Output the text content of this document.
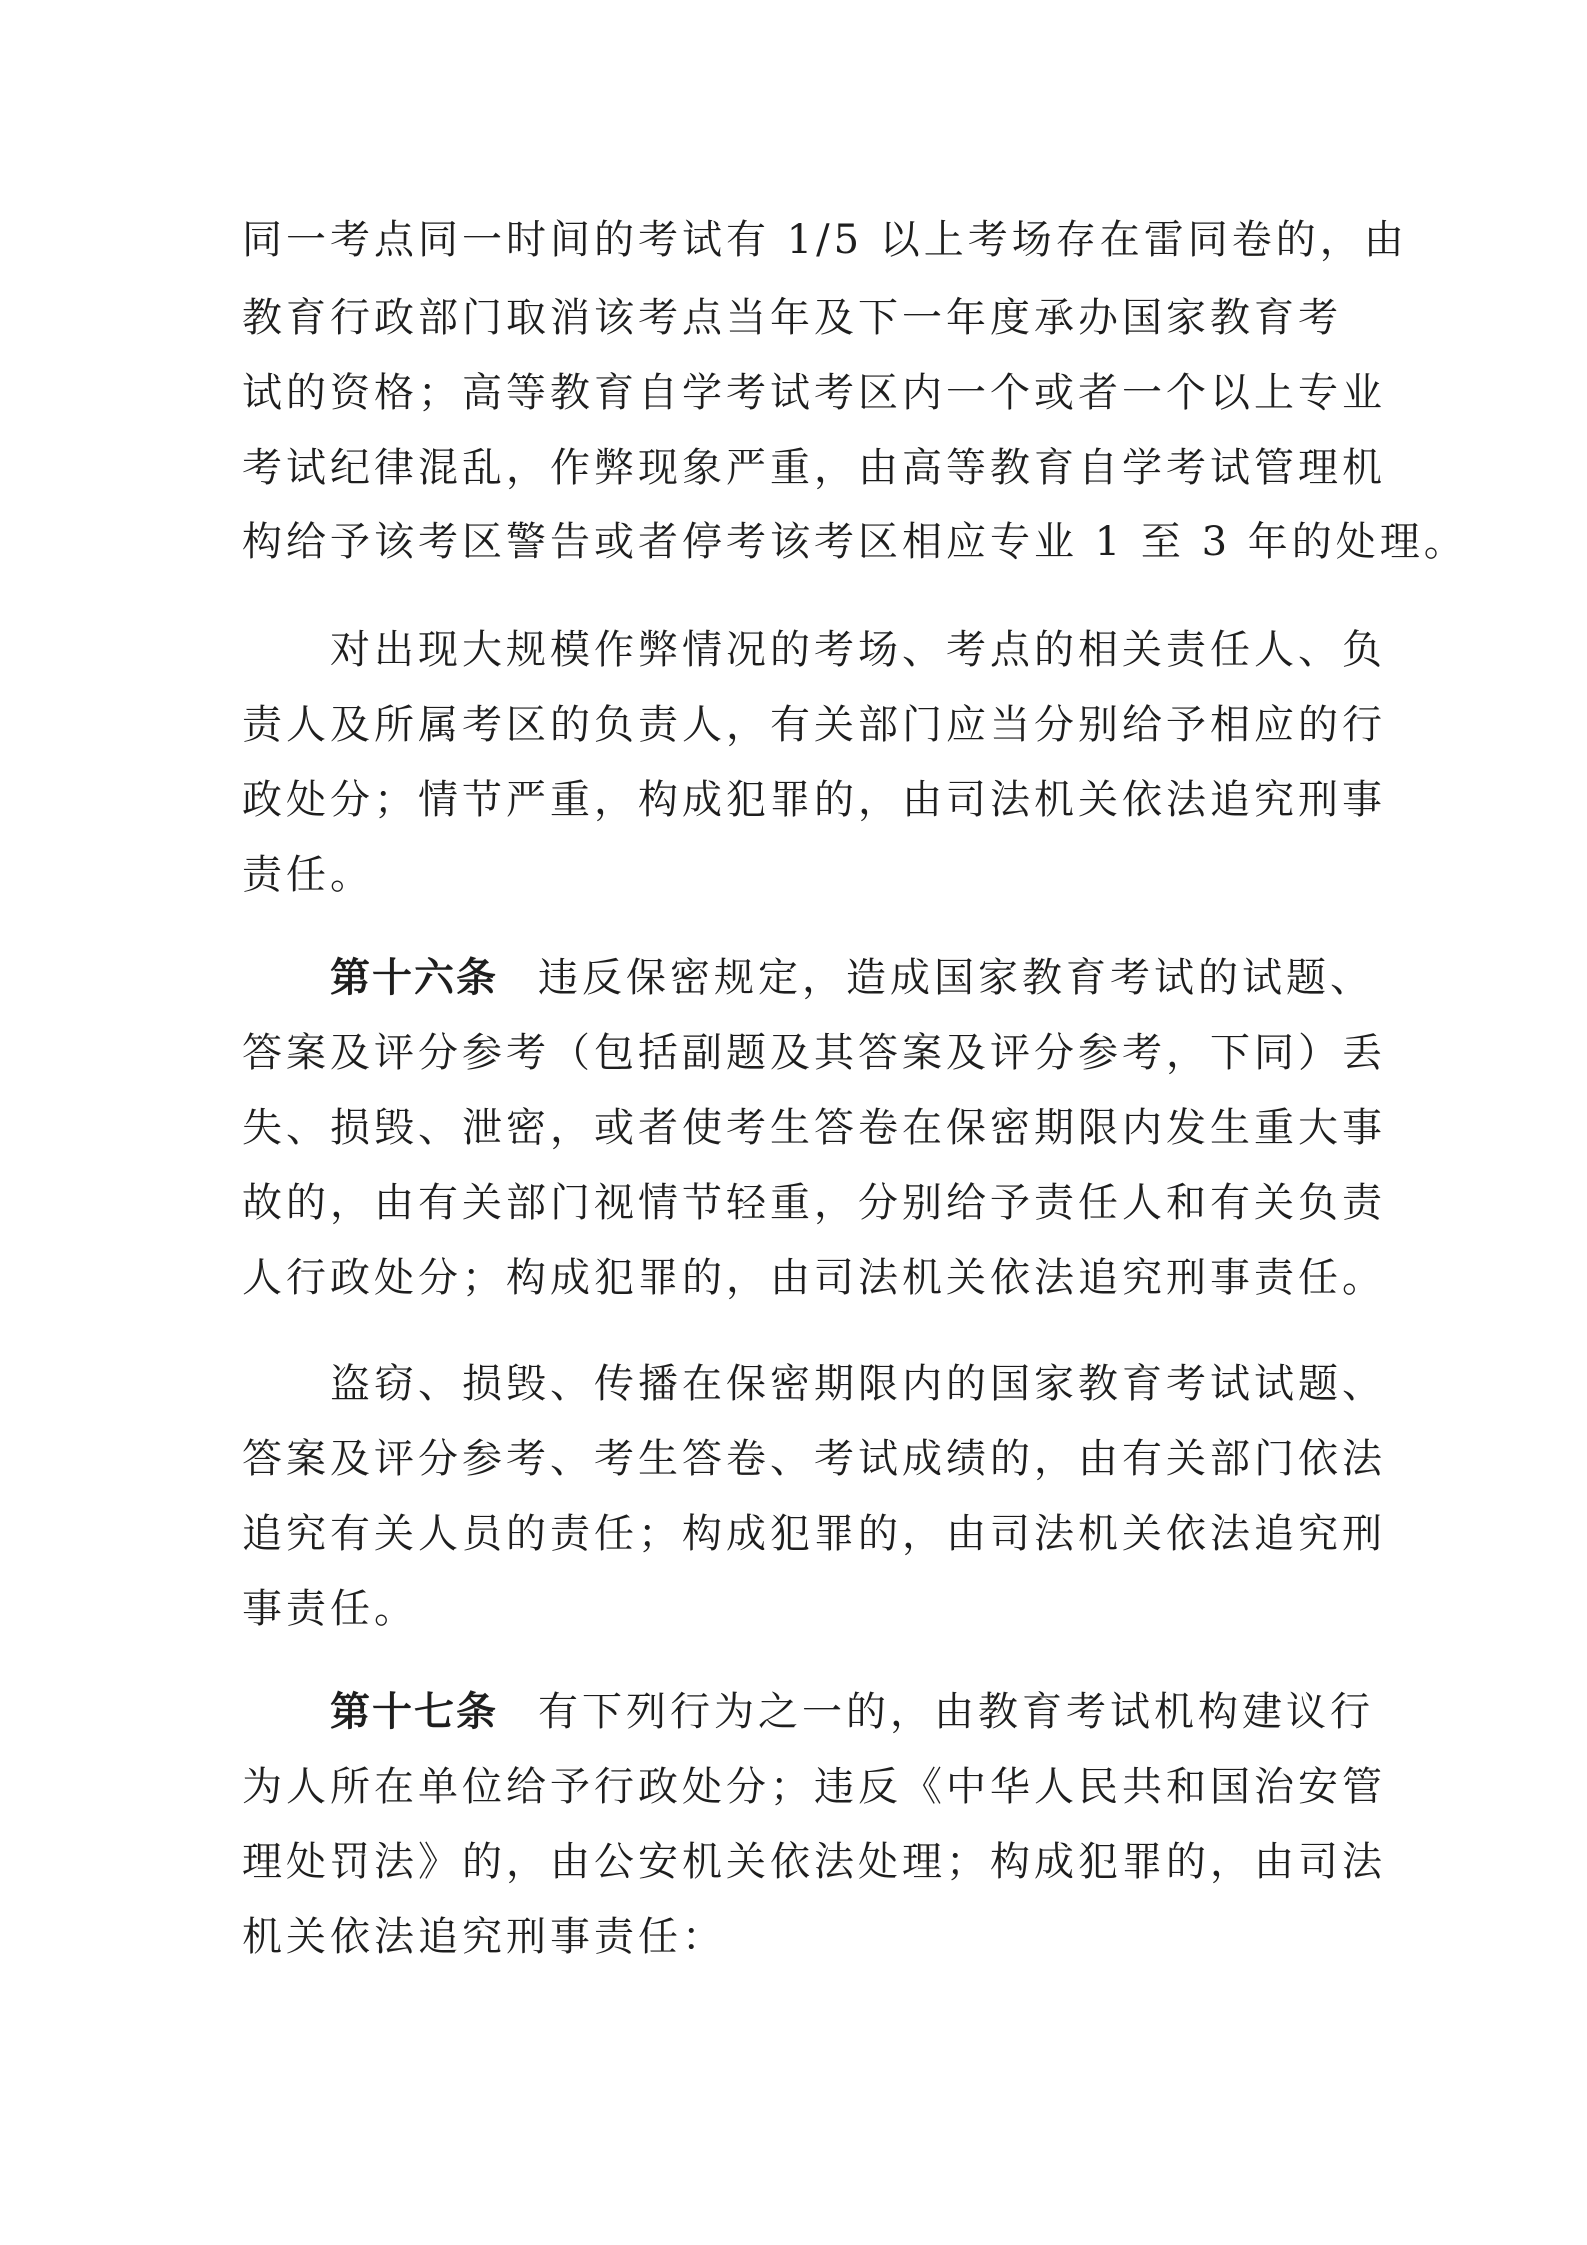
同一考点同一时间的考试有 1/5 以上考场存在雷同卷的，由

教育行政部门取消该考点当年及下一年度承办国家教育考

试的资格；高等教育自学考试考区内一个或者一个以上专业

考试纪律混乱，作弊现象严重，由高等教育自学考试管理机

构给予该考区警告或者停考该考区相应专业 1 至 3 年的处理。

对出现大规模作弊情况的考场、考点的相关责任人、负

责人及所属考区的负责人，有关部门应当分别给予相应的行

政处分；情节严重，构成犯罪的，由司法机关依法追究刑事

责任。

第十六条 违反保密规定，造成国家教育考试的试题、

答案及评分参考（包括副题及其答案及评分参考，下同）丢

失、损毁、泄密，或者使考生答卷在保密期限内发生重大事

故的，由有关部门视情节轻重，分别给予责任人和有关负责

人行政处分；构成犯罪的，由司法机关依法追究刑事责任。

盗窃、损毁、传播在保密期限内的国家教育考试试题、

答案及评分参考、考生答卷、考试成绩的，由有关部门依法

追究有关人员的责任；构成犯罪的，由司法机关依法追究刑

事责任。

第十七条 有下列行为之一的，由教育考试机构建议行

为人所在单位给予行政处分；违反《中华人民共和国治安管

理处罚法》的，由公安机关依法处理；构成犯罪的，由司法

机关依法追究刑事责任：
